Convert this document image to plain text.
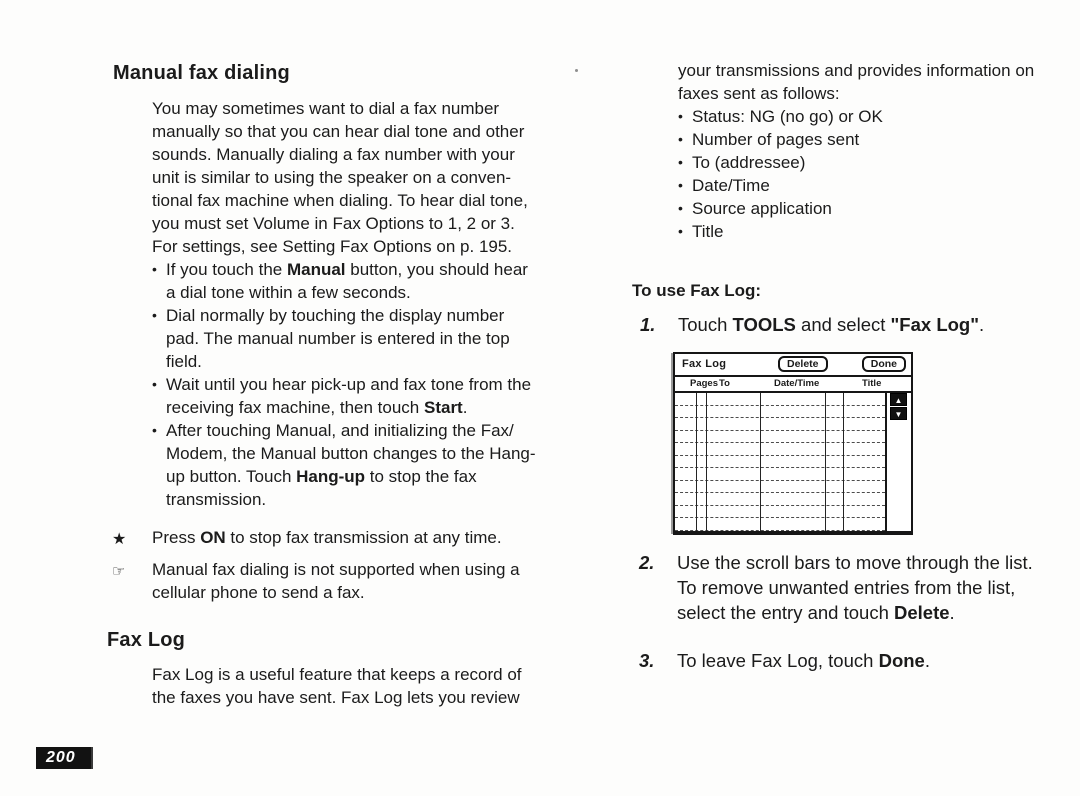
Manual fax dialing
You may sometimes want to dial a fax number
manually so that you can hear dial tone and other
sounds. Manually dialing a fax number with your
unit is similar to using the speaker on a conven-
tional fax machine when dialing. To hear dial tone,
you must set Volume in Fax Options to 1, 2 or 3.
For settings, see Setting Fax Options on p. 195.
• If you touch the Manual button, you should hear
a dial tone within a few seconds.
• Dial normally by touching the display number
pad. The manual number is entered in the top
field.
• Wait until you hear pick-up and fax tone from the
receiving fax machine, then touch Start.
• After touching Manual, and initializing the Fax/
Modem, the Manual button changes to the Hang-
up button. Touch Hang-up to stop the fax
transmission.
★ Press ON to stop fax transmission at any time.
☞ Manual fax dialing is not supported when using a
cellular phone to send a fax.
Fax Log
Fax Log is a useful feature that keeps a record of
the faxes you have sent. Fax Log lets you review
your transmissions and provides information on
faxes sent as follows:
• Status: NG (no go) or OK
• Number of pages sent
• To (addressee)
• Date/Time
• Source application
• Title
To use Fax Log:
1. Touch TOOLS and select "Fax Log".
Fax Log	Delete	Done
Pages To	Date/Time	Title
▲
▼
2. Use the scroll bars to move through the list.
To remove unwanted entries from the list,
select the entry and touch Delete.
3. To leave Fax Log, touch Done.
200
